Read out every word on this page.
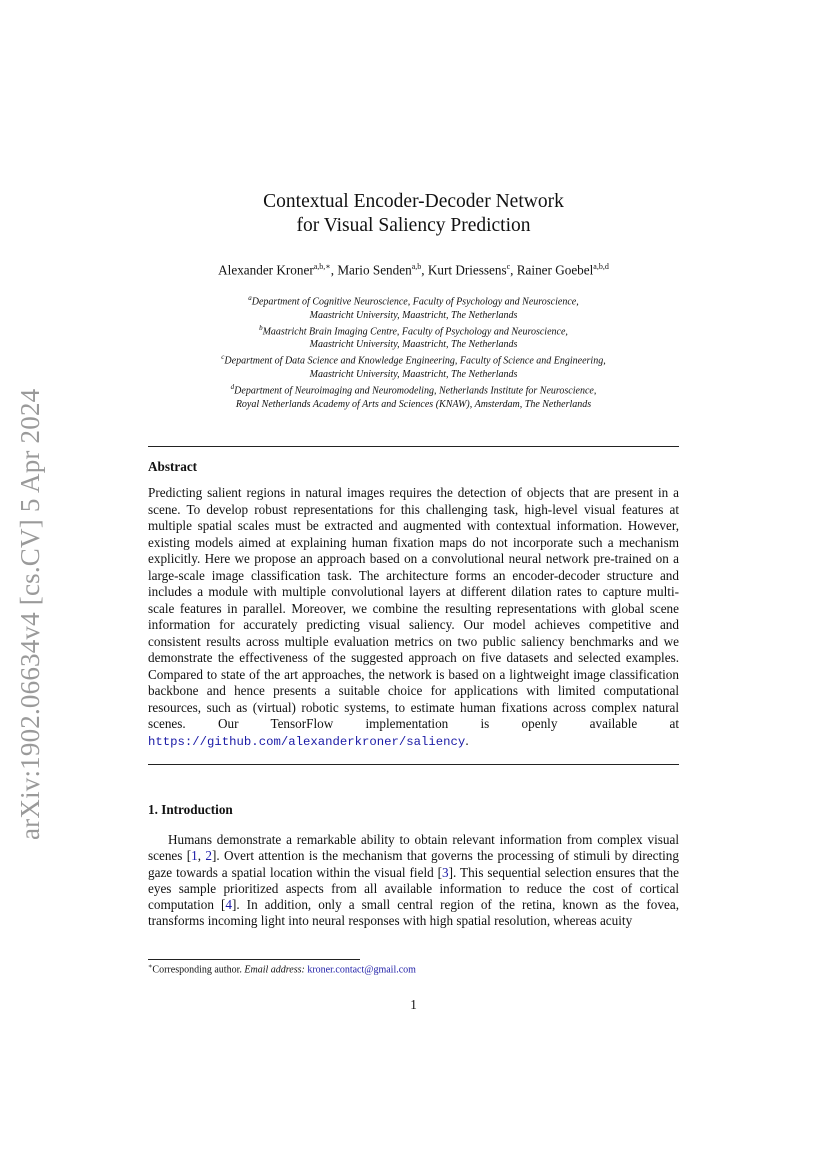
arXiv:1902.06634v4 [cs.CV] 5 Apr 2024
Contextual Encoder-Decoder Network
for Visual Saliency Prediction
Alexander Kroner$^{a,b,∗}$, Mario Senden$^{a,b}$, Kurt Driessens$^c$, Rainer Goebel$^{a,b,d}$
$^a$Department of Cognitive Neuroscience, Faculty of Psychology and Neuroscience,
Maastricht University, Maastricht, The Netherlands
$^b$Maastricht Brain Imaging Centre, Faculty of Psychology and Neuroscience,
Maastricht University, Maastricht, The Netherlands
$^c$Department of Data Science and Knowledge Engineering, Faculty of Science and Engineering,
Maastricht University, Maastricht, The Netherlands
$^d$Department of Neuroimaging and Neuromodeling, Netherlands Institute for Neuroscience,
Royal Netherlands Academy of Arts and Sciences (KNAW), Amsterdam, The Netherlands
Abstract
Predicting salient regions in natural images requires the detection of objects that are present in a scene. To develop robust representations for this challenging task, high-level visual features at multiple spatial scales must be extracted and augmented with contextual information. However, existing models aimed at explaining human fixation maps do not incorporate such a mechanism explicitly. Here we propose an approach based on a convolutional neural network pre-trained on a large-scale image classification task. The architecture forms an encoder-decoder structure and includes a module with multiple convolutional layers at different dilation rates to capture multi-scale features in parallel. Moreover, we combine the resulting representations with global scene information for accurately predicting visual saliency. Our model achieves competitive and consistent results across multiple evaluation metrics on two public saliency benchmarks and we demonstrate the effectiveness of the suggested approach on five datasets and selected examples. Compared to state of the art approaches, the network is based on a lightweight image classification backbone and hence presents a suitable choice for applications with limited computational resources, such as (virtual) robotic systems, to estimate human fixations across complex natural scenes. Our TensorFlow implementation is openly available at https://github.com/alexanderkroner/saliency.
1. Introduction
Humans demonstrate a remarkable ability to obtain relevant information from complex visual scenes [1, 2]. Overt attention is the mechanism that governs the processing of stimuli by directing gaze towards a spatial location within the visual field [3]. This sequential selection ensures that the eyes sample prioritized aspects from all available information to reduce the cost of cortical computation [4]. In addition, only a small central region of the retina, known as the fovea, transforms incoming light into neural responses with high spatial resolution, whereas acuity
∗Corresponding author. Email address: kroner.contact@gmail.com
1
